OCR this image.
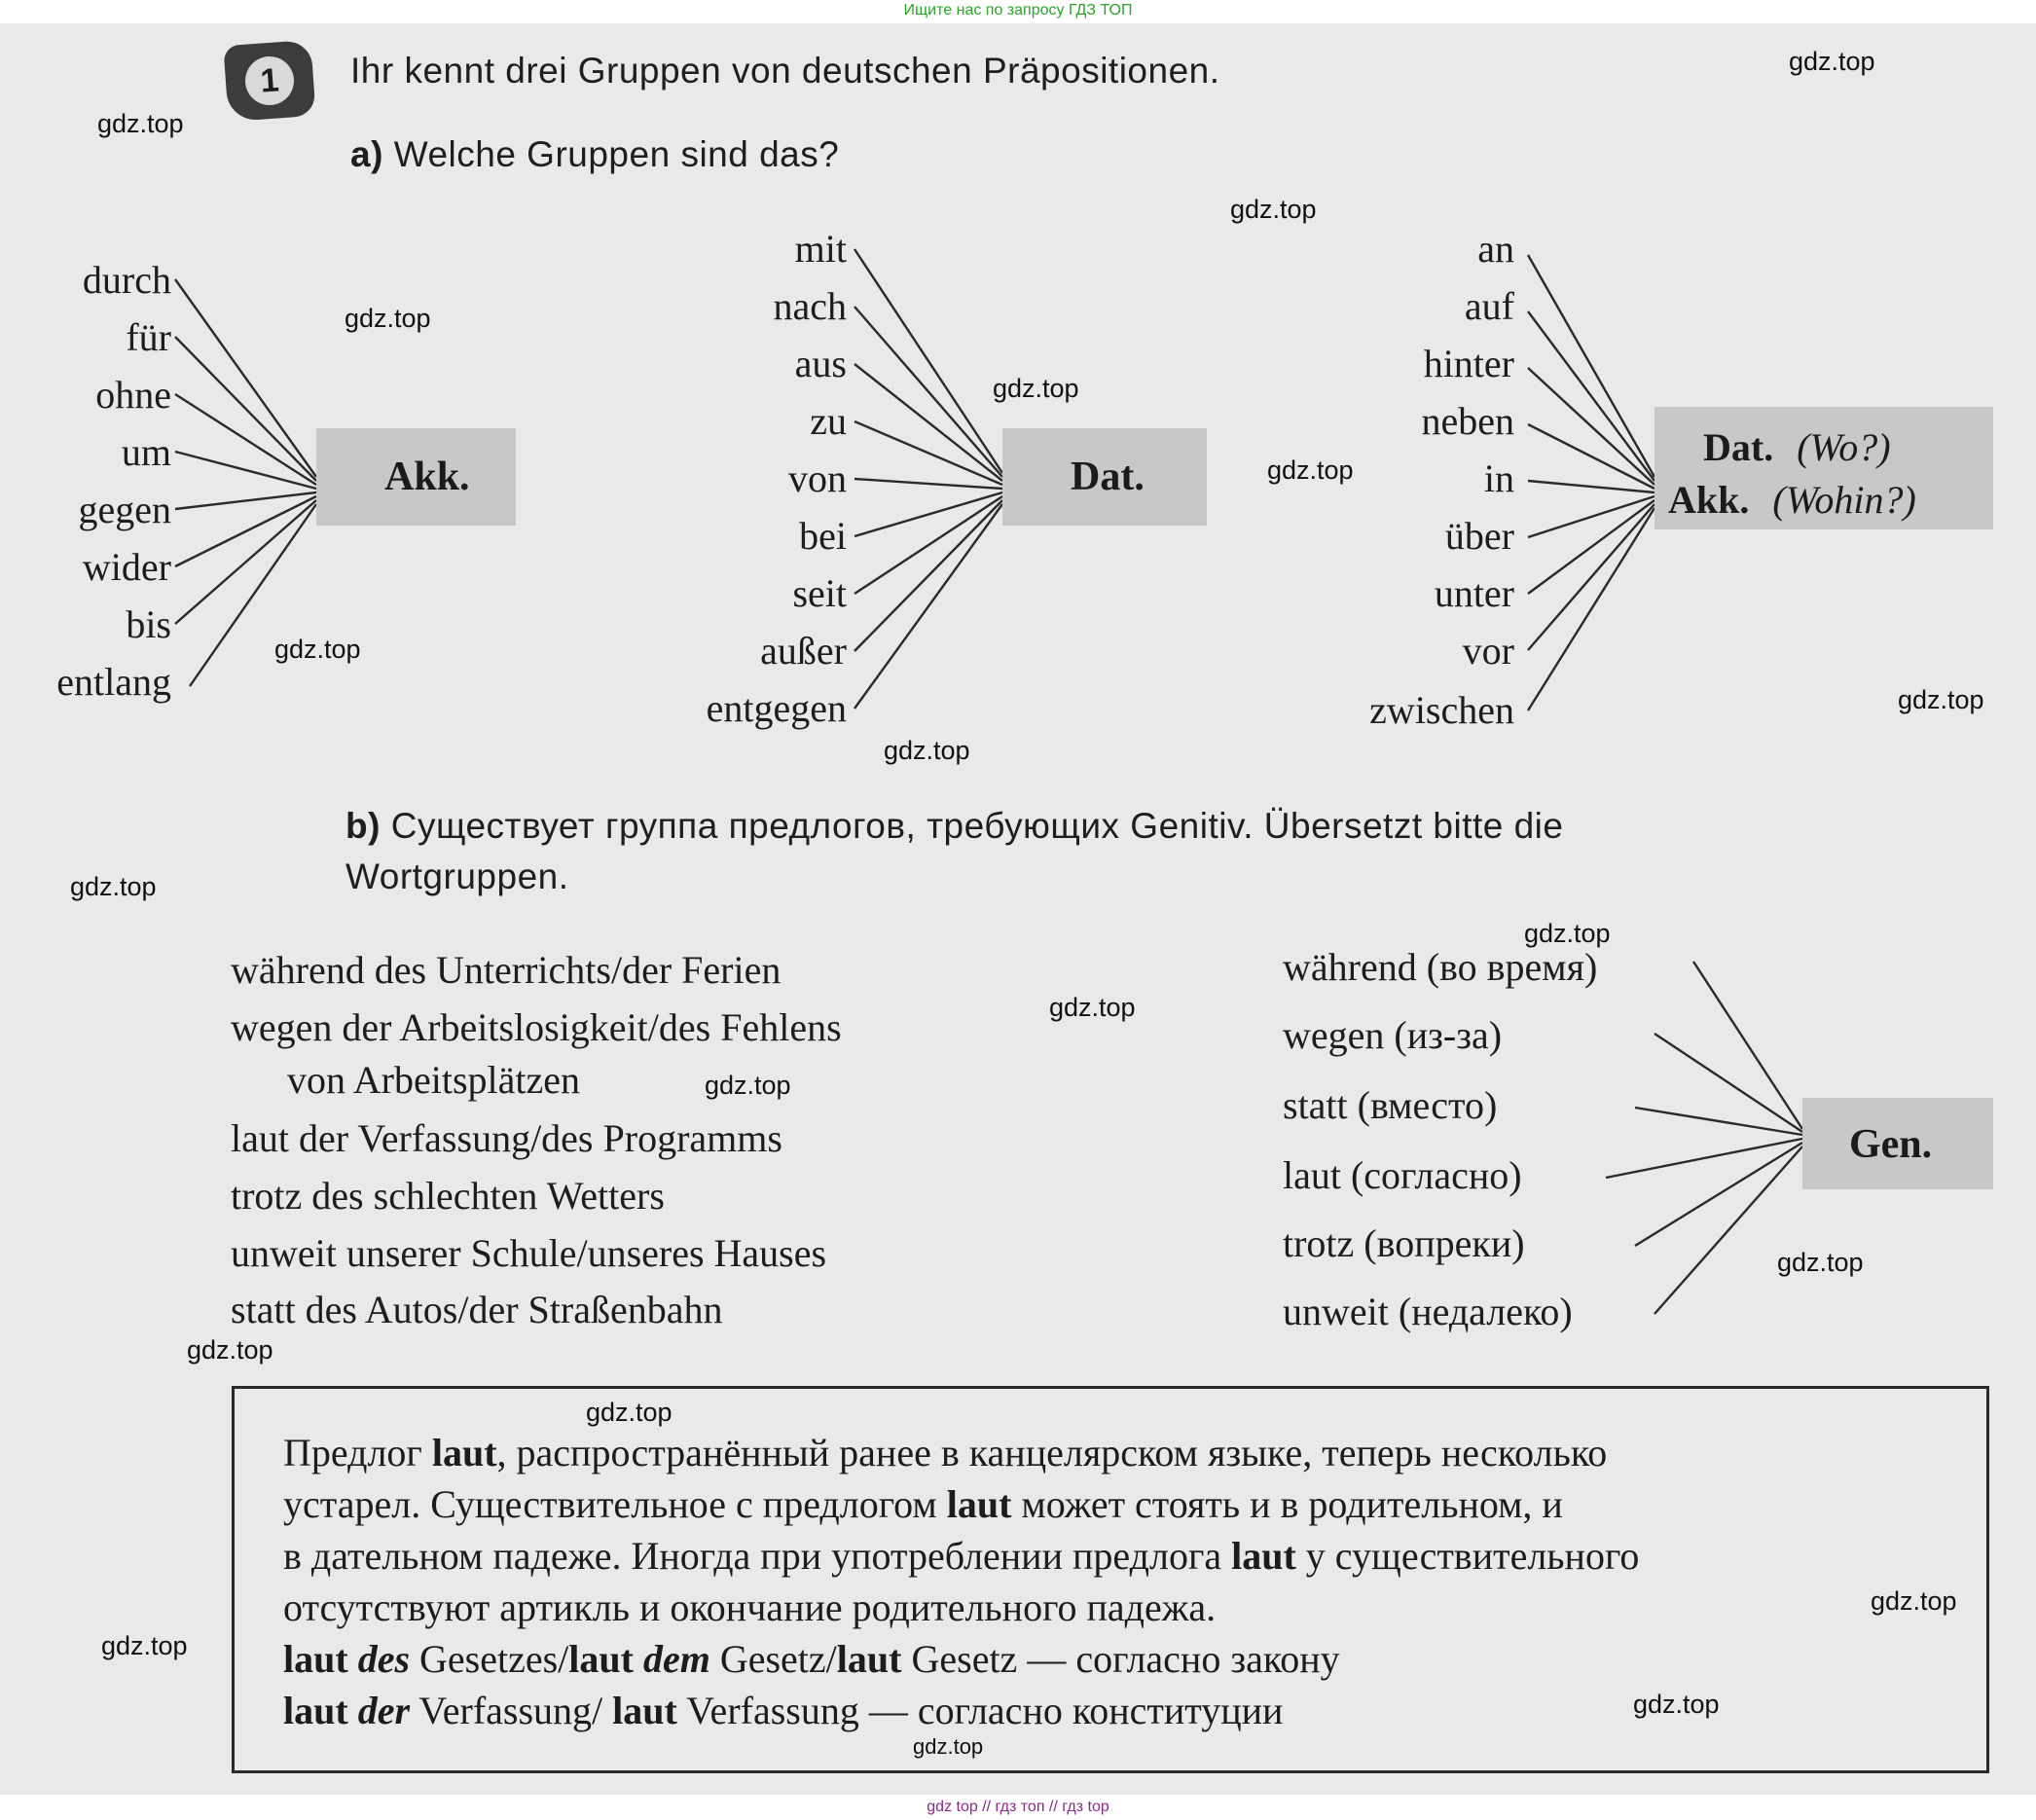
Ищите нас по запросу ГДЗ ТОП
1	Ihr kennt drei Gruppen von deutschen Präpositionen.
a) Welche Gruppen sind das?
durch
für
ohne
um
gegen
wider
bis
entlang
Akk.
mit
nach
aus
zu
von
bei
seit
außer
entgegen
Dat.
an
auf
hinter
neben
in
über
unter
vor
zwischen
Dat. (Wo?)
Akk. (Wohin?)
b) Существует группа предлогов, требующих Genitiv. Übersetzt bitte die
Wortgruppen.
während des Unterrichts/der Ferien
wegen der Arbeitslosigkeit/des Fehlens
von Arbeitsplätzen
laut der Verfassung/des Programms
trotz des schlechten Wetters
unweit unserer Schule/unseres Hauses
statt des Autos/der Straßenbahn
während (во время)
wegen (из-за)
statt (вместо)
laut (согласно)
trotz (вопреки)
unweit (недалеко)
Gen.
Предлог laut, распространённый ранее в канцелярском языке, теперь несколько
устарел. Существительное с предлогом laut может стоять и в родительном, и
в дательном падеже. Иногда при употреблении предлога laut у существительного
отсутствуют артикль и окончание родительного падежа.
laut des Gesetzes/laut dem Gesetz/laut Gesetz — согласно закону
laut der Verfassung/ laut Verfassung — согласно конституции
gdz.top
gdz.top
gdz.top
gdz.top
gdz.top
gdz.top
gdz.top
gdz.top
gdz.top
gdz.top
gdz.top
gdz.top
gdz.top
gdz.top
gdz.top
gdz.top
gdz.top
gdz.top
gdz.top
gdz.top
gdz top // гдз топ // гдз top
